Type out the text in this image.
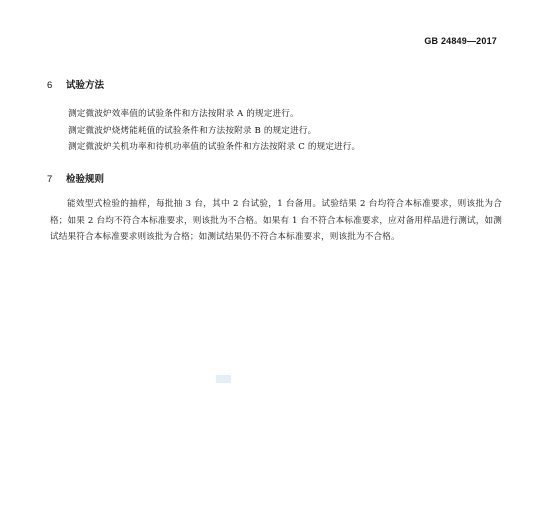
GB 24849—2017
6 试验方法
测定微波炉效率值的试验条件和方法按附录 A 的规定进行。
测定微波炉烧烤能耗值的试验条件和方法按附录 B 的规定进行。
测定微波炉关机功率和待机功率值的试验条件和方法按附录 C 的规定进行。
7 检验规则
能效型式检验的抽样，每批抽 3 台，其中 2 台试验，1 台备用。试验结果 2 台均符合本标准要求，则该批为合格；如果 2 台均不符合本标准要求，则该批为不合格。如果有 1 台不符合本标准要求，应对备用样品进行测试，如测试结果符合本标准要求则该批为合格；如测试结果仍不符合本标准要求，则该批为不合格。
